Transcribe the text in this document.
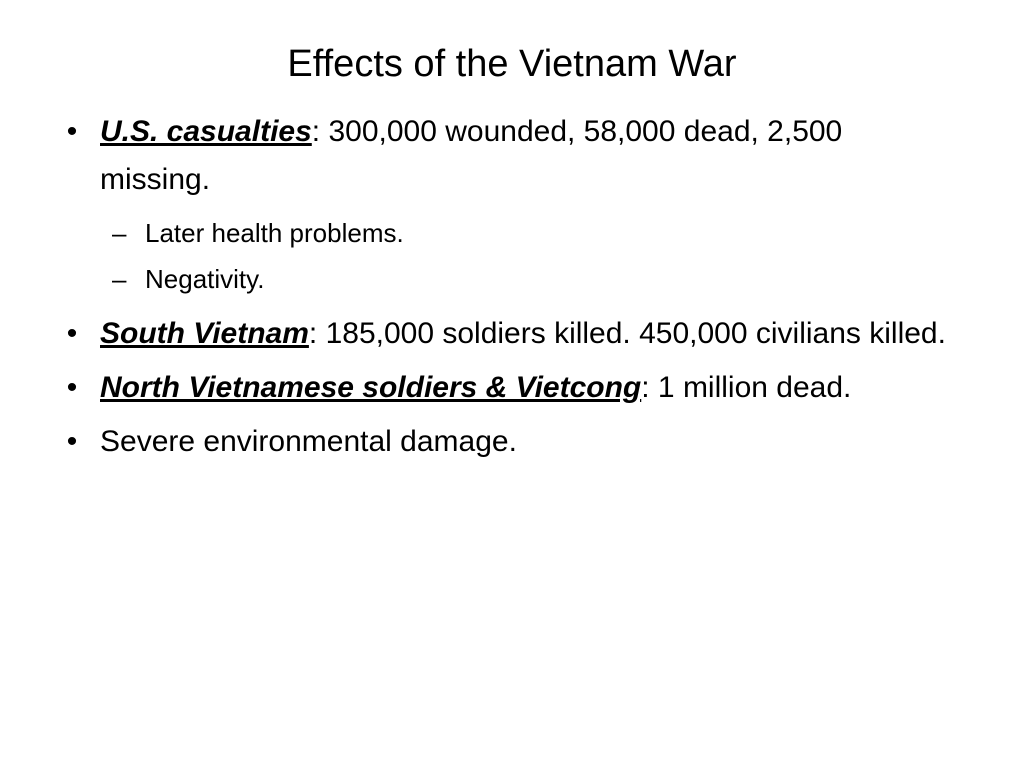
Effects of the Vietnam War
• U.S. casualties: 300,000 wounded, 58,000 dead, 2,500 missing.
– Later health problems.
– Negativity.
• South Vietnam: 185,000 soldiers killed. 450,000 civilians killed.
• North Vietnamese soldiers & Vietcong: 1 million dead.
• Severe environmental damage.
